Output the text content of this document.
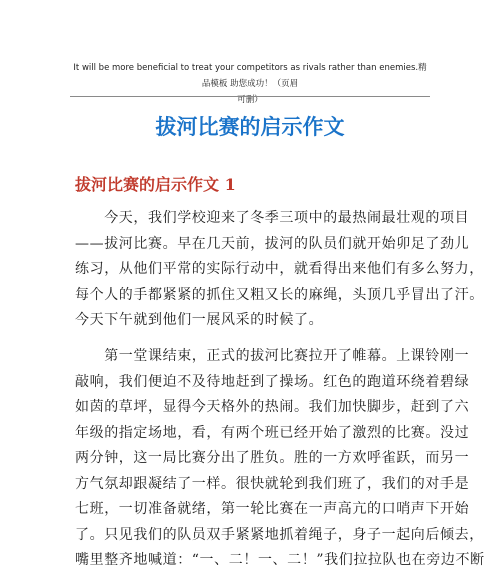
It will be more beneficial to treat your competitors as rivals rather than enemies.精品模板 助您成功！（页眉
可删）
拔河比赛的启示作文
拔河比赛的启示作文 1
　　今天，我们学校迎来了冬季三项中的最热闹最壮观的项目
——拔河比赛。早在几天前，拔河的队员们就开始卯足了劲儿
练习，从他们平常的实际行动中，就看得出来他们有多么努力，
每个人的手都紧紧的抓住又粗又长的麻绳，头顶几乎冒出了汗。
今天下午就到他们一展风采的时候了。
　　第一堂课结束，正式的拔河比赛拉开了帷幕。上课铃刚一
敲响，我们便迫不及待地赶到了操场。红色的跑道环绕着碧绿
如茵的草坪，显得今天格外的热闹。我们加快脚步，赶到了六
年级的指定场地，看，有两个班已经开始了激烈的比赛。没过
两分钟，这一局比赛分出了胜负。胜的一方欢呼雀跃，而另一
方气氛却跟凝结了一样。很快就轮到我们班了，我们的对手是
七班，一切准备就绪，第一轮比赛在一声高亢的口哨声下开始
了。只见我们的队员双手紧紧地抓着绳子，身子一起向后倾去，
嘴里整齐地喊道：“一、二！一、二！”我们拉拉队也在旁边不断
